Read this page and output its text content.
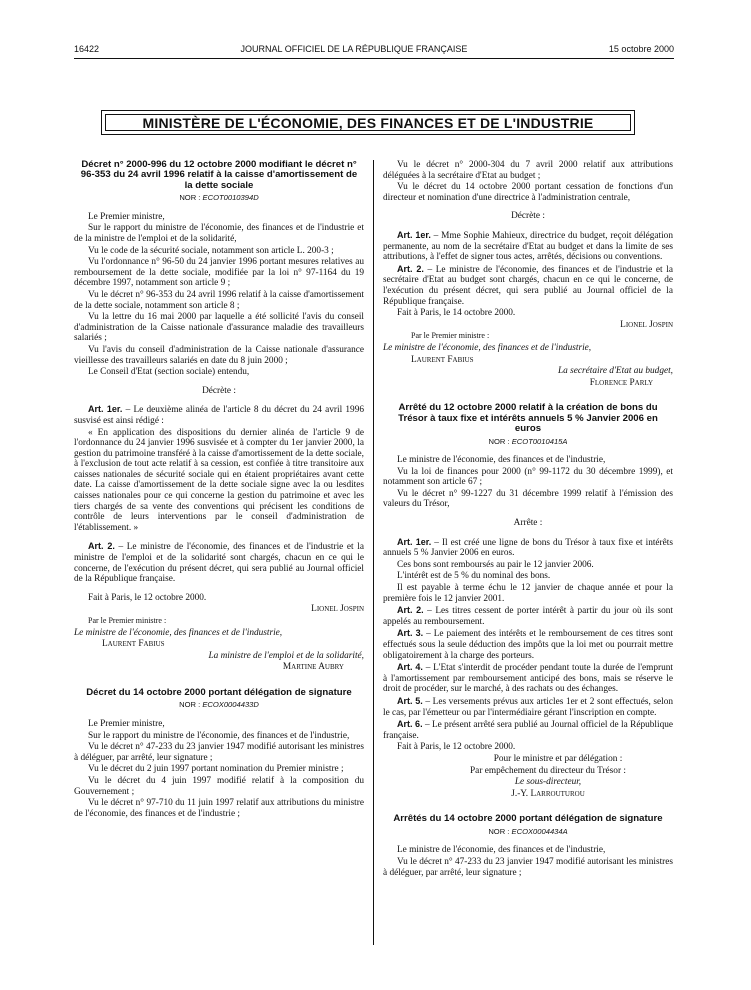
16422	JOURNAL OFFICIEL DE LA RÉPUBLIQUE FRANÇAISE	15 octobre 2000
MINISTÈRE DE L'ÉCONOMIE, DES FINANCES ET DE L'INDUSTRIE
Décret n° 2000-996 du 12 octobre 2000 modifiant le décret n° 96-353 du 24 avril 1996 relatif à la caisse d'amortissement de la dette sociale
NOR : ECOT0010394D

Le Premier ministre,

Sur le rapport du ministre de l'économie, des finances et de l'industrie et de la ministre de l'emploi et de la solidarité,

Vu le code de la sécurité sociale, notamment son article L. 200-3 ;

Vu l'ordonnance n° 96-50 du 24 janvier 1996 portant mesures relatives au remboursement de la dette sociale, modifiée par la loi n° 97-1164 du 19 décembre 1997, notamment son article 9 ;

Vu le décret n° 96-353 du 24 avril 1996 relatif à la caisse d'amortissement de la dette sociale, notamment son article 8 ;

Vu la lettre du 16 mai 2000 par laquelle a été sollicité l'avis du conseil d'administration de la Caisse nationale d'assurance maladie des travailleurs salariés ;

Vu l'avis du conseil d'administration de la Caisse nationale d'assurance vieillesse des travailleurs salariés en date du 8 juin 2000 ;

Le Conseil d'Etat (section sociale) entendu,

Décrète :

Art. 1er. – Le deuxième alinéa de l'article 8 du décret du 24 avril 1996 susvisé est ainsi rédigé :

« En application des dispositions du dernier alinéa de l'article 9 de l'ordonnance du 24 janvier 1996 susvisée et à compter du 1er janvier 2000, la gestion du patrimoine transféré à la caisse d'amortissement de la dette sociale, à l'exclusion de tout acte relatif à sa cession, est confiée à titre transitoire aux caisses nationales de sécurité sociale qui en étaient propriétaires avant cette date. La caisse d'amortissement de la dette sociale signe avec la ou lesdites caisses nationales pour ce qui concerne la gestion du patrimoine et avec les tiers chargés de sa vente des conventions qui précisent les conditions de contrôle de leurs interventions par le conseil d'administration de l'établissement. »

Art. 2. – Le ministre de l'économie, des finances et de l'industrie et la ministre de l'emploi et de la solidarité sont chargés, chacun en ce qui le concerne, de l'exécution du présent décret, qui sera publié au Journal officiel de la République française.

Fait à Paris, le 12 octobre 2000.

Lionel Jospin

Par le Premier ministre :

Le ministre de l'économie, des finances et de l'industrie,

Laurent Fabius

La ministre de l'emploi et de la solidarité,

Martine Aubry

Décret du 14 octobre 2000 portant délégation de signature
NOR : ECOX0004433D

Le Premier ministre,

Sur le rapport du ministre de l'économie, des finances et de l'industrie,

Vu le décret n° 47-233 du 23 janvier 1947 modifié autorisant les ministres à déléguer, par arrêté, leur signature ;

Vu le décret du 2 juin 1997 portant nomination du Premier ministre ;

Vu le décret du 4 juin 1997 modifié relatif à la composition du Gouvernement ;

Vu le décret n° 97-710 du 11 juin 1997 relatif aux attributions du ministre de l'économie, des finances et de l'industrie ;

Vu le décret n° 2000-304 du 7 avril 2000 relatif aux attributions déléguées à la secrétaire d'Etat au budget ;

Vu le décret du 14 octobre 2000 portant cessation de fonctions d'un directeur et nomination d'une directrice à l'administration centrale,

Décrète :

Art. 1er. – Mme Sophie Mahieux, directrice du budget, reçoit délégation permanente, au nom de la secrétaire d'Etat au budget et dans la limite de ses attributions, à l'effet de signer tous actes, arrêtés, décisions ou conventions.

Art. 2. – Le ministre de l'économie, des finances et de l'industrie et la secrétaire d'Etat au budget sont chargés, chacun en ce qui le concerne, de l'exécution du présent décret, qui sera publié au Journal officiel de la République française.

Fait à Paris, le 14 octobre 2000.

Lionel Jospin

Par le Premier ministre :

Le ministre de l'économie, des finances et de l'industrie,

Laurent Fabius

La secrétaire d'Etat au budget,

Florence Parly

Arrêté du 12 octobre 2000 relatif à la création de bons du Trésor à taux fixe et intérêts annuels 5 % Janvier 2006 en euros
NOR : ECOT0010415A

Le ministre de l'économie, des finances et de l'industrie,

Vu la loi de finances pour 2000 (n° 99-1172 du 30 décembre 1999), et notamment son article 67 ;

Vu le décret n° 99-1227 du 31 décembre 1999 relatif à l'émission des valeurs du Trésor,

Arrête :

Art. 1er. – Il est créé une ligne de bons du Trésor à taux fixe et intérêts annuels 5 % Janvier 2006 en euros.

Ces bons sont remboursés au pair le 12 janvier 2006.

L'intérêt est de 5 % du nominal des bons.

Il est payable à terme échu le 12 janvier de chaque année et pour la première fois le 12 janvier 2001.

Art. 2. – Les titres cessent de porter intérêt à partir du jour où ils sont appelés au remboursement.

Art. 3. – Le paiement des intérêts et le remboursement de ces titres sont effectués sous la seule déduction des impôts que la loi met ou pourrait mettre obligatoirement à la charge des porteurs.

Art. 4. – L'Etat s'interdit de procéder pendant toute la durée de l'emprunt à l'amortissement par remboursement anticipé des bons, mais se réserve le droit de procéder, sur le marché, à des rachats ou des échanges.

Art. 5. – Les versements prévus aux articles 1er et 2 sont effectués, selon le cas, par l'émetteur ou par l'intermédiaire gérant l'inscription en compte.

Art. 6. – Le présent arrêté sera publié au Journal officiel de la République française.

Fait à Paris, le 12 octobre 2000.

Pour le ministre et par délégation :

Par empêchement du directeur du Trésor :

Le sous-directeur,

J.-Y. Larrouturou

Arrêtés du 14 octobre 2000 portant délégation de signature
NOR : ECOX0004434A

Le ministre de l'économie, des finances et de l'industrie,

Vu le décret n° 47-233 du 23 janvier 1947 modifié autorisant les ministres à déléguer, par arrêté, leur signature ;
